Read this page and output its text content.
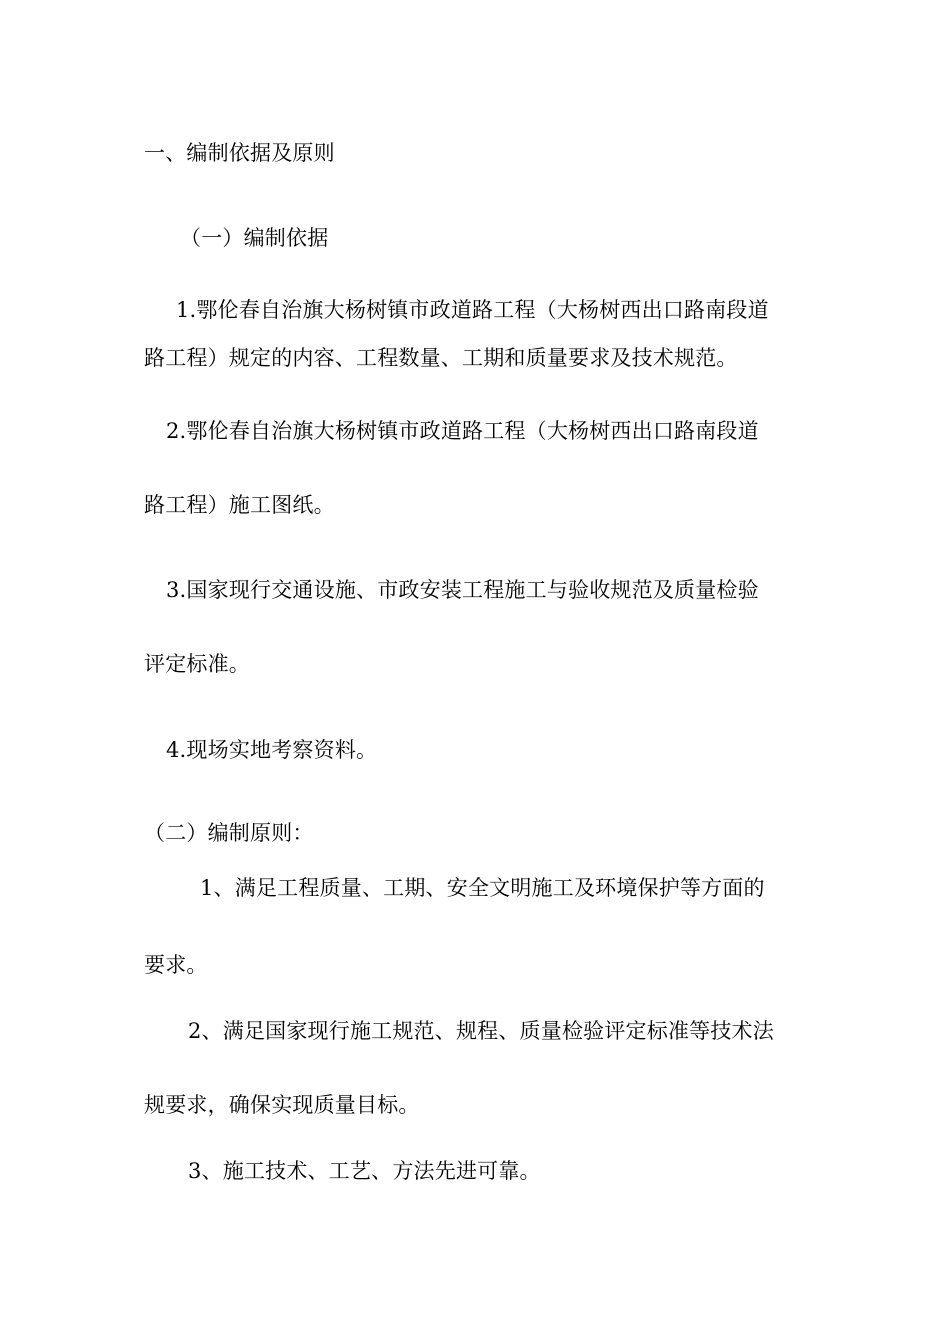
一、编制依据及原则
（一）编制依据
1.鄂伦春自治旗大杨树镇市政道路工程（大杨树西出口路南段道
路工程）规定的内容、工程数量、工期和质量要求及技术规范。
2.鄂伦春自治旗大杨树镇市政道路工程（大杨树西出口路南段道
路工程）施工图纸。
3.国家现行交通设施、市政安装工程施工与验收规范及质量检验
评定标准。
4.现场实地考察资料。
（二）编制原则：
1、满足工程质量、工期、安全文明施工及环境保护等方面的
要求。
2、满足国家现行施工规范、规程、质量检验评定标准等技术法
规要求，确保实现质量目标。
3、施工技术、工艺、方法先进可靠。
